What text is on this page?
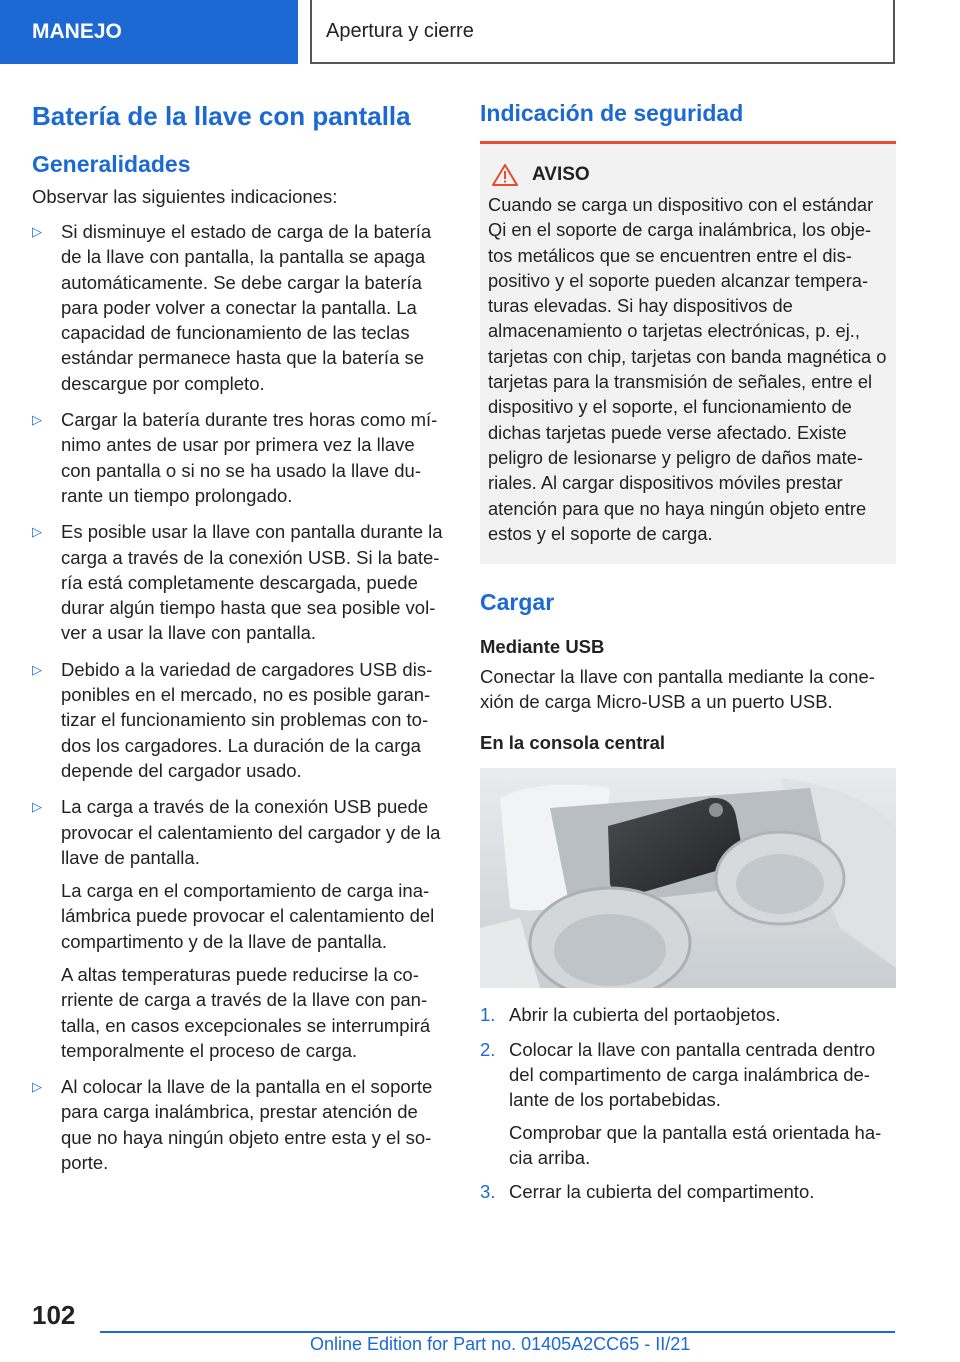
MANEJO	Apertura y cierre
Batería de la llave con pantalla
Generalidades

Observar las siguientes indicaciones:

▷ Si disminuye el estado de carga de la batería de la llave con pantalla, la pantalla se apaga automáticamente. Se debe cargar la batería para poder volver a conectar la pantalla. La capacidad de funcionamiento de las teclas estándar permanece hasta que la batería se descargue por completo.
▷ Cargar la batería durante tres horas como mínimo antes de usar por primera vez la llave con pantalla o si no se ha usado la llave durante un tiempo prolongado.
▷ Es posible usar la llave con pantalla durante la carga a través de la conexión USB. Si la batería está completamente descargada, puede durar algún tiempo hasta que sea posible volver a usar la llave con pantalla.
▷ Debido a la variedad de cargadores USB disponibles en el mercado, no es posible garantizar el funcionamiento sin problemas con todos los cargadores. La duración de la carga depende del cargador usado.
▷ La carga a través de la conexión USB puede provocar el calentamiento del cargador y de la llave de pantalla.

La carga en el comportamiento de carga inalámbrica puede provocar el calentamiento del compartimento y de la llave de pantalla.

A altas temperaturas puede reducirse la corriente de carga a través de la llave con pantalla, en casos excepcionales se interrumpirá temporalmente el proceso de carga.

▷ Al colocar la llave de la pantalla en el soporte para carga inalámbrica, prestar atención de que no haya ningún objeto entre esta y el soporte.
Indicación de seguridad
AVISO

Cuando se carga un dispositivo con el estándar Qi en el soporte de carga inalámbrica, los objetos metálicos que se encuentren entre el dispositivo y el soporte pueden alcanzar temperaturas elevadas. Si hay dispositivos de almacenamiento o tarjetas electrónicas, p. ej., tarjetas con chip, tarjetas con banda magnética o tarjetas para la transmisión de señales, entre el dispositivo y el soporte, el funcionamiento de dichas tarjetas puede verse afectado. Existe peligro de lesionarse y peligro de daños materiales. Al cargar dispositivos móviles prestar atención para que no haya ningún objeto entre estos y el soporte de carga.

Cargar
Mediante USB

Conectar la llave con pantalla mediante la conexión de carga Micro-USB a un puerto USB.

En la consola central
1. Abrir la cubierta del portaobjetos.
2. Colocar la llave con pantalla centrada dentro del compartimento de carga inalámbrica delante de los portabebidas.

Comprobar que la pantalla está orientada hacia arriba.

3. Cerrar la cubierta del compartimento.
102
Online Edition for Part no. 01405A2CC65 - II/21
